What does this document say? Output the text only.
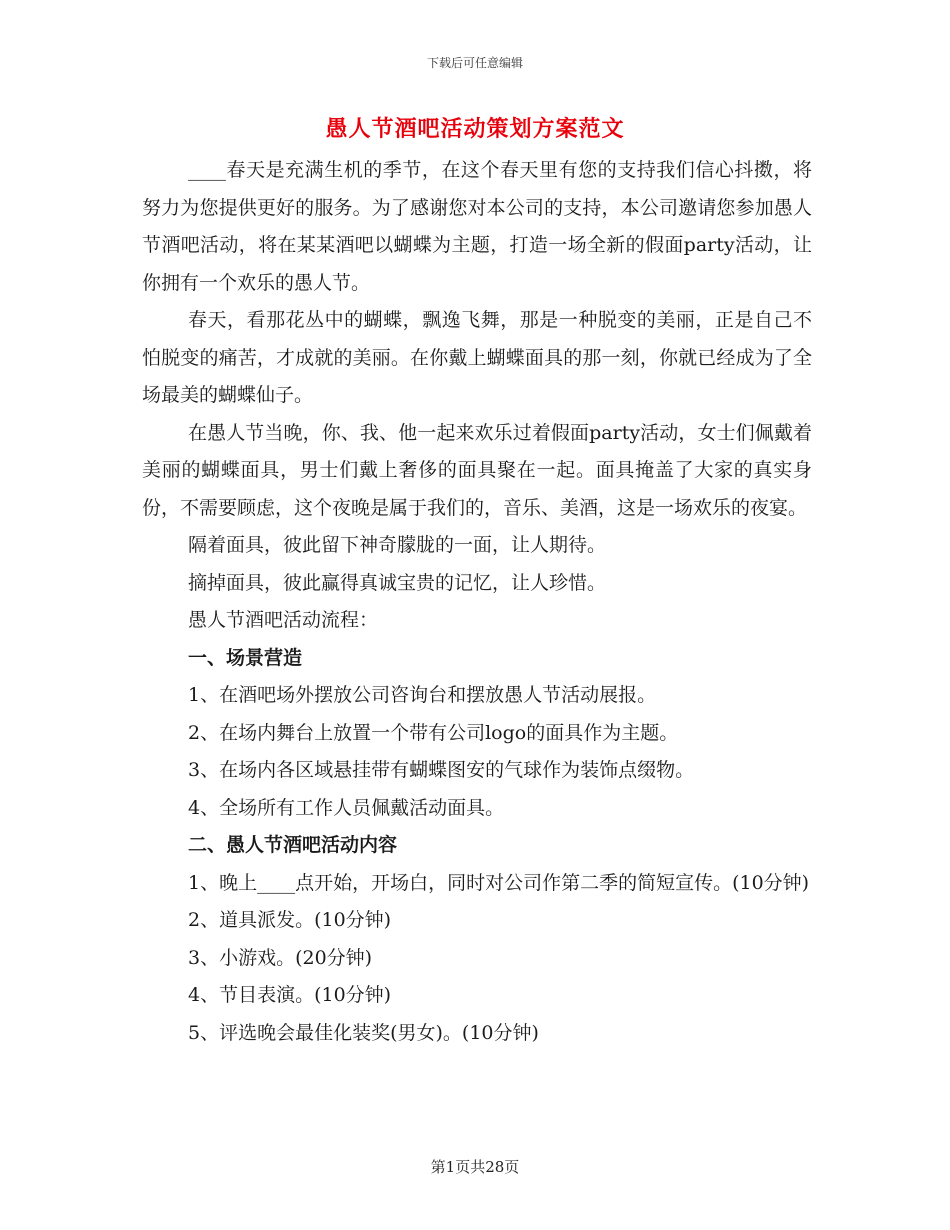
下载后可任意编辑
愚人节酒吧活动策划方案范文

____春天是充满生机的季节，在这个春天里有您的支持我们信心抖擞，将努力为您提供更好的服务。为了感谢您对本公司的支持，本公司邀请您参加愚人节酒吧活动，将在某某酒吧以蝴蝶为主题，打造一场全新的假面party活动，让你拥有一个欢乐的愚人节。

春天，看那花丛中的蝴蝶，飘逸飞舞，那是一种脱变的美丽，正是自己不怕脱变的痛苦，才成就的美丽。在你戴上蝴蝶面具的那一刻，你就已经成为了全场最美的蝴蝶仙子。

在愚人节当晚，你、我、他一起来欢乐过着假面party活动，女士们佩戴着美丽的蝴蝶面具，男士们戴上奢侈的面具聚在一起。面具掩盖了大家的真实身份，不需要顾虑，这个夜晚是属于我们的，音乐、美酒，这是一场欢乐的夜宴。

隔着面具，彼此留下神奇朦胧的一面，让人期待。

摘掉面具，彼此赢得真诚宝贵的记忆，让人珍惜。

愚人节酒吧活动流程：

一、场景营造

1、在酒吧场外摆放公司咨询台和摆放愚人节活动展报。

2、在场内舞台上放置一个带有公司logo的面具作为主题。

3、在场内各区域悬挂带有蝴蝶图安的气球作为装饰点缀物。

4、全场所有工作人员佩戴活动面具。

二、愚人节酒吧活动内容

1、晚上____点开始，开场白，同时对公司作第二季的简短宣传。(10分钟)

2、道具派发。(10分钟)

3、小游戏。(20分钟)

4、节目表演。(10分钟)

5、评选晚会最佳化装奖(男女)。(10分钟)

第1页共28页
